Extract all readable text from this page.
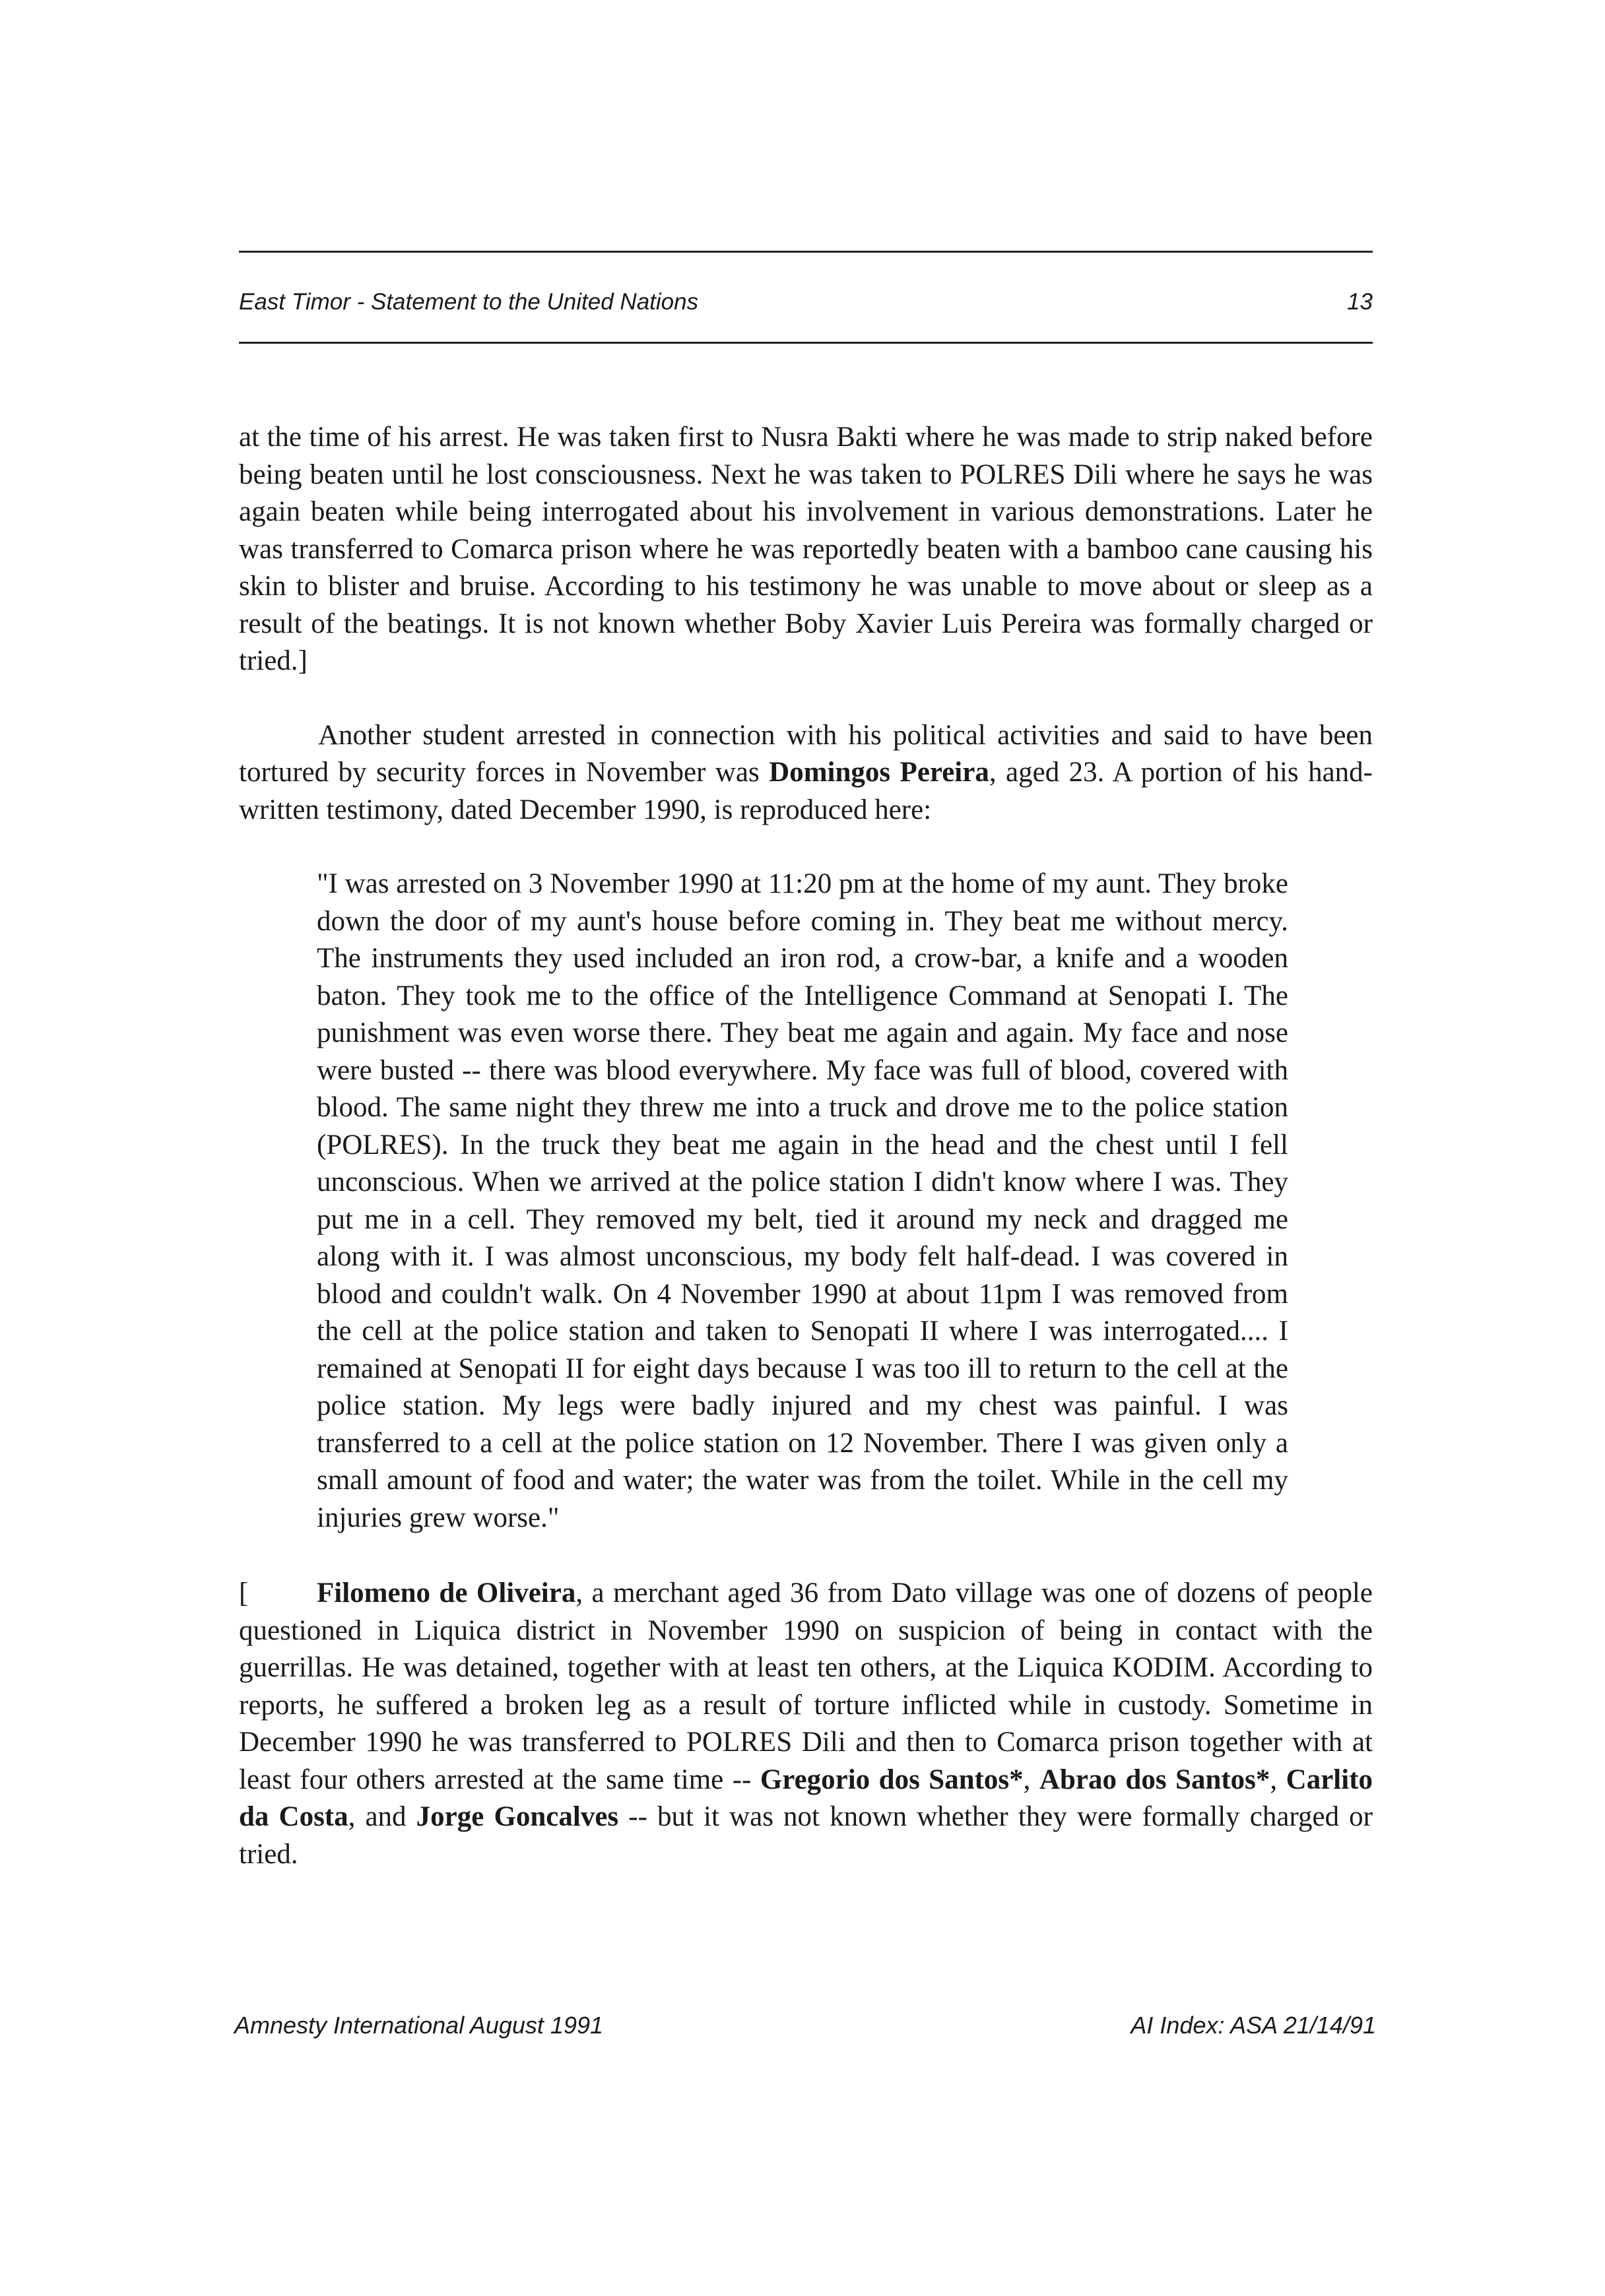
East Timor - Statement to the United Nations	13

at the time of his arrest. He was taken first to Nusra Bakti where he was made to strip naked before being beaten until he lost consciousness. Next he was taken to POLRES Dili where he says he was again beaten while being interrogated about his involvement in various demonstrations. Later he was transferred to Comarca prison where he was reportedly beaten with a bamboo cane causing his skin to blister and bruise. According to his testimony he was unable to move about or sleep as a result of the beatings. It is not known whether Boby Xavier Luis Pereira was formally charged or tried.]

Another student arrested in connection with his political activities and said to have been tortured by security forces in November was Domingos Pereira, aged 23. A portion of his hand-written testimony, dated December 1990, is reproduced here:

"I was arrested on 3 November 1990 at 11:20 pm at the home of my aunt. They broke down the door of my aunt's house before coming in. They beat me without mercy. The instruments they used included an iron rod, a crow-bar, a knife and a wooden baton. They took me to the office of the Intelligence Command at Senopati I. The punishment was even worse there. They beat me again and again. My face and nose were busted -- there was blood everywhere. My face was full of blood, covered with blood. The same night they threw me into a truck and drove me to the police station (POLRES). In the truck they beat me again in the head and the chest until I fell unconscious. When we arrived at the police station I didn't know where I was. They put me in a cell. They removed my belt, tied it around my neck and dragged me along with it. I was almost unconscious, my body felt half-dead. I was covered in blood and couldn't walk. On 4 November 1990 at about 11pm I was removed from the cell at the police station and taken to Senopati II where I was interrogated.... I remained at Senopati II for eight days because I was too ill to return to the cell at the police station. My legs were badly injured and my chest was painful. I was transferred to a cell at the police station on 12 November. There I was given only a small amount of food and water; the water was from the toilet. While in the cell my injuries grew worse."

[ Filomeno de Oliveira, a merchant aged 36 from Dato village was one of dozens of people questioned in Liquica district in November 1990 on suspicion of being in contact with the guerrillas. He was detained, together with at least ten others, at the Liquica KODIM. According to reports, he suffered a broken leg as a result of torture inflicted while in custody. Sometime in December 1990 he was transferred to POLRES Dili and then to Comarca prison together with at least four others arrested at the same time -- Gregorio dos Santos*, Abrao dos Santos*, Carlito da Costa, and Jorge Goncalves -- but it was not known whether they were formally charged or tried.

Amnesty International August 1991	AI Index: ASA 21/14/91
